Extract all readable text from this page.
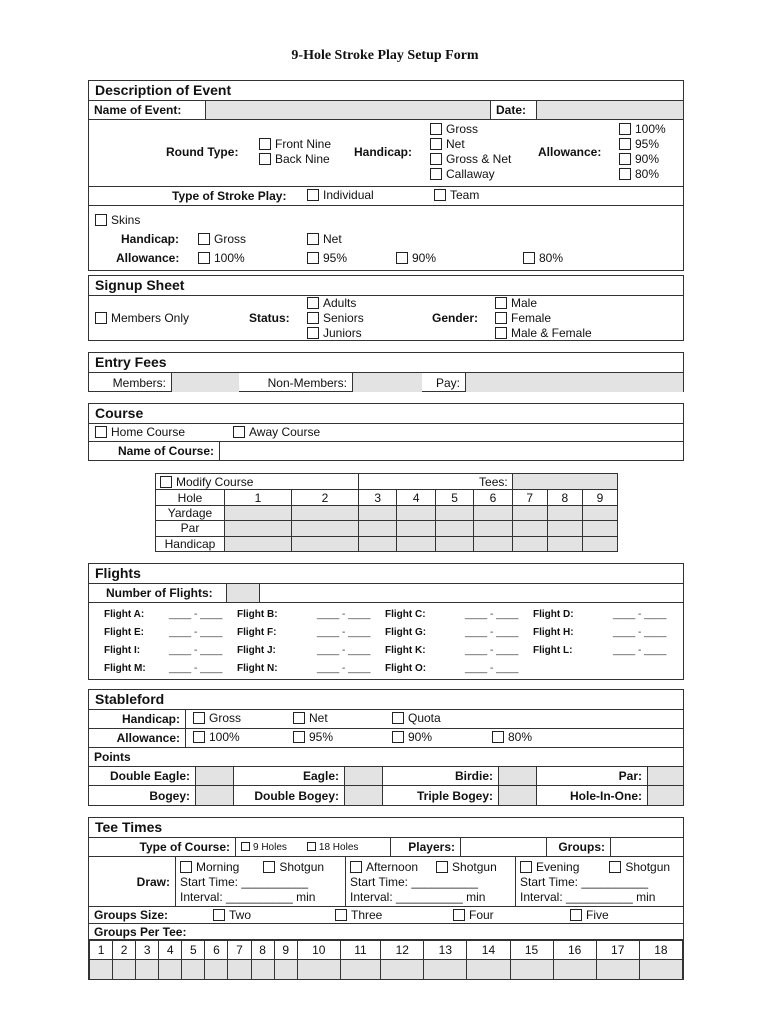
9-Hole Stroke Play Setup Form
Description of Event
Name of Event:	Date:
Round Type:
Front Nine
Back Nine Handicap:
Gross
Net
Gross & Net
Callaway
Allowance:
100%
95%
90%
80%
Type of Stroke Play:	Individual	Team
Skins
Handicap:	Gross	Net
Allowance:	100%	95%	90%	80%
Signup Sheet
Members Only	Status:
Adults
Seniors
Juniors
Gender:
Male
Female
Male & Female
Entry Fees
Members:	Non-Members:	Pay:
Course
Home Course	Away Course
Name of Course:
Modify Course			Tees:						
Hole	1	2	3	4	5	6	7	8	9
Yardage									
Par									
Handicap									
Flights
Number of Flights:
Flight A:	____ - ____	Flight B:	____ - ____	Flight C:	____ - ____	Flight D:	____ - ____
Flight E:	____ - ____	Flight F:	____ - ____	Flight G:	____ - ____	Flight H:	____ - ____
Flight I:	____ - ____	Flight J:	____ - ____	Flight K:	____ - ____	Flight L:	____ - ____
Flight M:	____ - ____	Flight N:	____ - ____	Flight O:	____ - ____		
Stableford
Handicap:	Gross	Net	Quota
Allowance:	100%	95%	90%	80%
Points
Double Eagle:	Eagle:	Birdie:	Par:
Bogey:	Double Bogey:	Triple Bogey:	Hole-In-One:
Tee Times
Type of Course:	9 Holes	18 Holes	Players:	Groups:
Draw:
Morning	Shotgun
Start Time: __________
Interval: __________ min
Afternoon	Shotgun
Start Time: __________
Interval: __________ min
Evening	Shotgun
Start Time: __________
Interval: __________ min
Groups Size:	Two	Three	Four	Five
Groups Per Tee:
1	2	3	4	5	6	7	8	9	10	11	12	13	14	15	16	17	18
